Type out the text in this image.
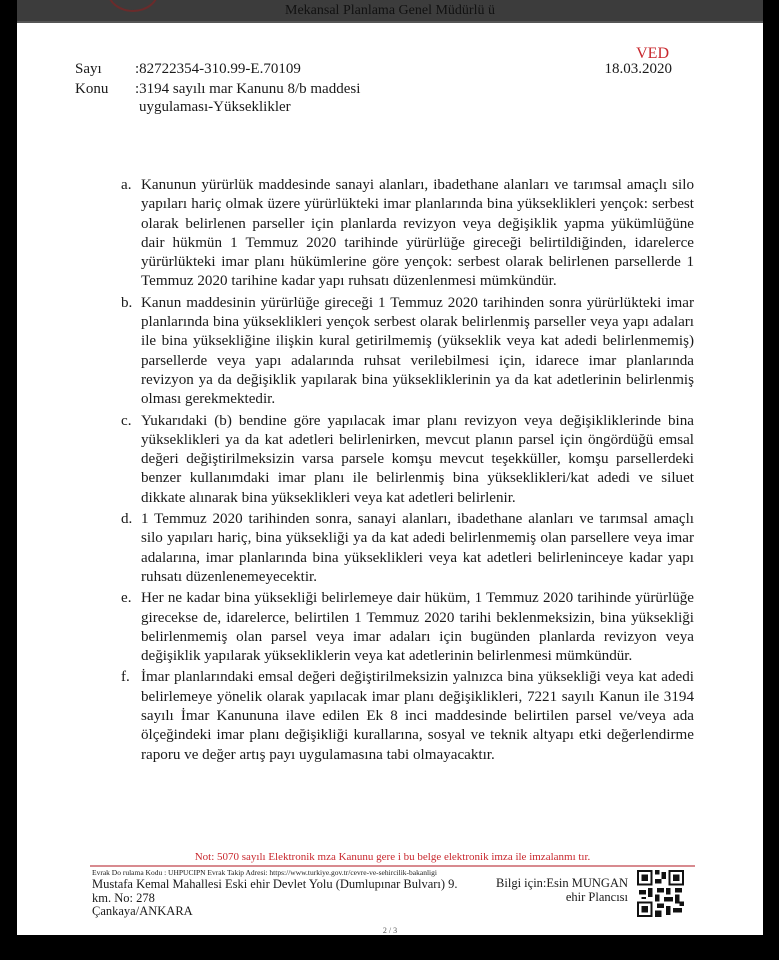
Mekansal Planlama Genel Müdürlü ü
Sayı :82722354-310.99-E.70109
Konu :3194 sayılı mar Kanunu 8/b maddesi
uygulaması-Yükseklikler
VED
18.03.2020
a. Kanunun yürürlük maddesinde sanayi alanları, ibadethane alanları ve tarımsal amaçlı silo yapıları hariç olmak üzere yürürlükteki imar planlarında bina yükseklikleri yençok: serbest olarak belirlenen parseller için planlarda revizyon veya değişiklik yapma yükümlüğüne dair hükmün 1 Temmuz 2020 tarihinde yürürlüğe gireceği belirtildiğinden, idarelerce yürürlükteki imar planı hükümlerine göre yençok: serbest olarak belirlenen parsellerde 1 Temmuz 2020 tarihine kadar yapı ruhsatı düzenlenmesi mümkündür.
b. Kanun maddesinin yürürlüğe gireceği 1 Temmuz 2020 tarihinden sonra yürürlükteki imar planlarında bina yükseklikleri yençok serbest olarak belirlenmiş parseller veya yapı adaları ile bina yüksekliğine ilişkin kural getirilmemiş (yükseklik veya kat adedi belirlenmemiş) parsellerde veya yapı adalarında ruhsat verilebilmesi için, idarece imar planlarında revizyon ya da değişiklik yapılarak bina yüksekliklerinin ya da kat adetlerinin belirlenmiş olması gerekmektedir.
c. Yukarıdaki (b) bendine göre yapılacak imar planı revizyon veya değişikliklerinde bina yükseklikleri ya da kat adetleri belirlenirken, mevcut planın parsel için öngördüğü emsal değeri değiştirilmeksizin varsa parsele komşu mevcut teşekküller, komşu parsellerdeki benzer kullanımdaki imar planı ile belirlenmiş bina yükseklikleri/kat adedi ve siluet dikkate alınarak bina yükseklikleri veya kat adetleri belirlenir.
d. 1 Temmuz 2020 tarihinden sonra, sanayi alanları, ibadethane alanları ve tarımsal amaçlı silo yapıları hariç, bina yüksekliği ya da kat adedi belirlenmemiş olan parsellere veya imar adalarına, imar planlarında bina yükseklikleri veya kat adetleri belirleninceye kadar yapı ruhsatı düzenlenemeyecektir.
e. Her ne kadar bina yüksekliği belirlemeye dair hüküm, 1 Temmuz 2020 tarihinde yürürlüğe girecekse de, idarelerce, belirtilen 1 Temmuz 2020 tarihi beklenmeksizin, bina yüksekliği belirlenmemiş olan parsel veya imar adaları için bugünden planlarda revizyon veya değişiklik yapılarak yüksekliklerin veya kat adetlerinin belirlenmesi mümkündür.
f. İmar planlarındaki emsal değeri değiştirilmeksizin yalnızca bina yüksekliği veya kat adedi belirlemeye yönelik olarak yapılacak imar planı değişiklikleri, 7221 sayılı Kanun ile 3194 sayılı İmar Kanununa ilave edilen Ek 8 inci maddesinde belirtilen parsel ve/veya ada ölçeğindeki imar planı değişikliği kurallarına, sosyal ve teknik altyapı etki değerlendirme raporu ve değer artış payı uygulamasına tabi olmayacaktır.
Not: 5070 sayılı Elektronik mza Kanunu gere i bu belge elektronik imza ile imzalanmı tır.
Evrak Do rulama Kodu : UHPUCIPN Evrak Takip Adresi: https://www.turkiye.gov.tr/cevre-ve-sehircilik-bakanligi
Mustafa Kemal Mahallesi Eski ehir Devlet Yolu (Dumlupınar Bulvarı) 9.
km. No: 278
Çankaya/ANKARA
Bilgi için:Esin MUNGAN
ehir Plancısı
2 / 3
